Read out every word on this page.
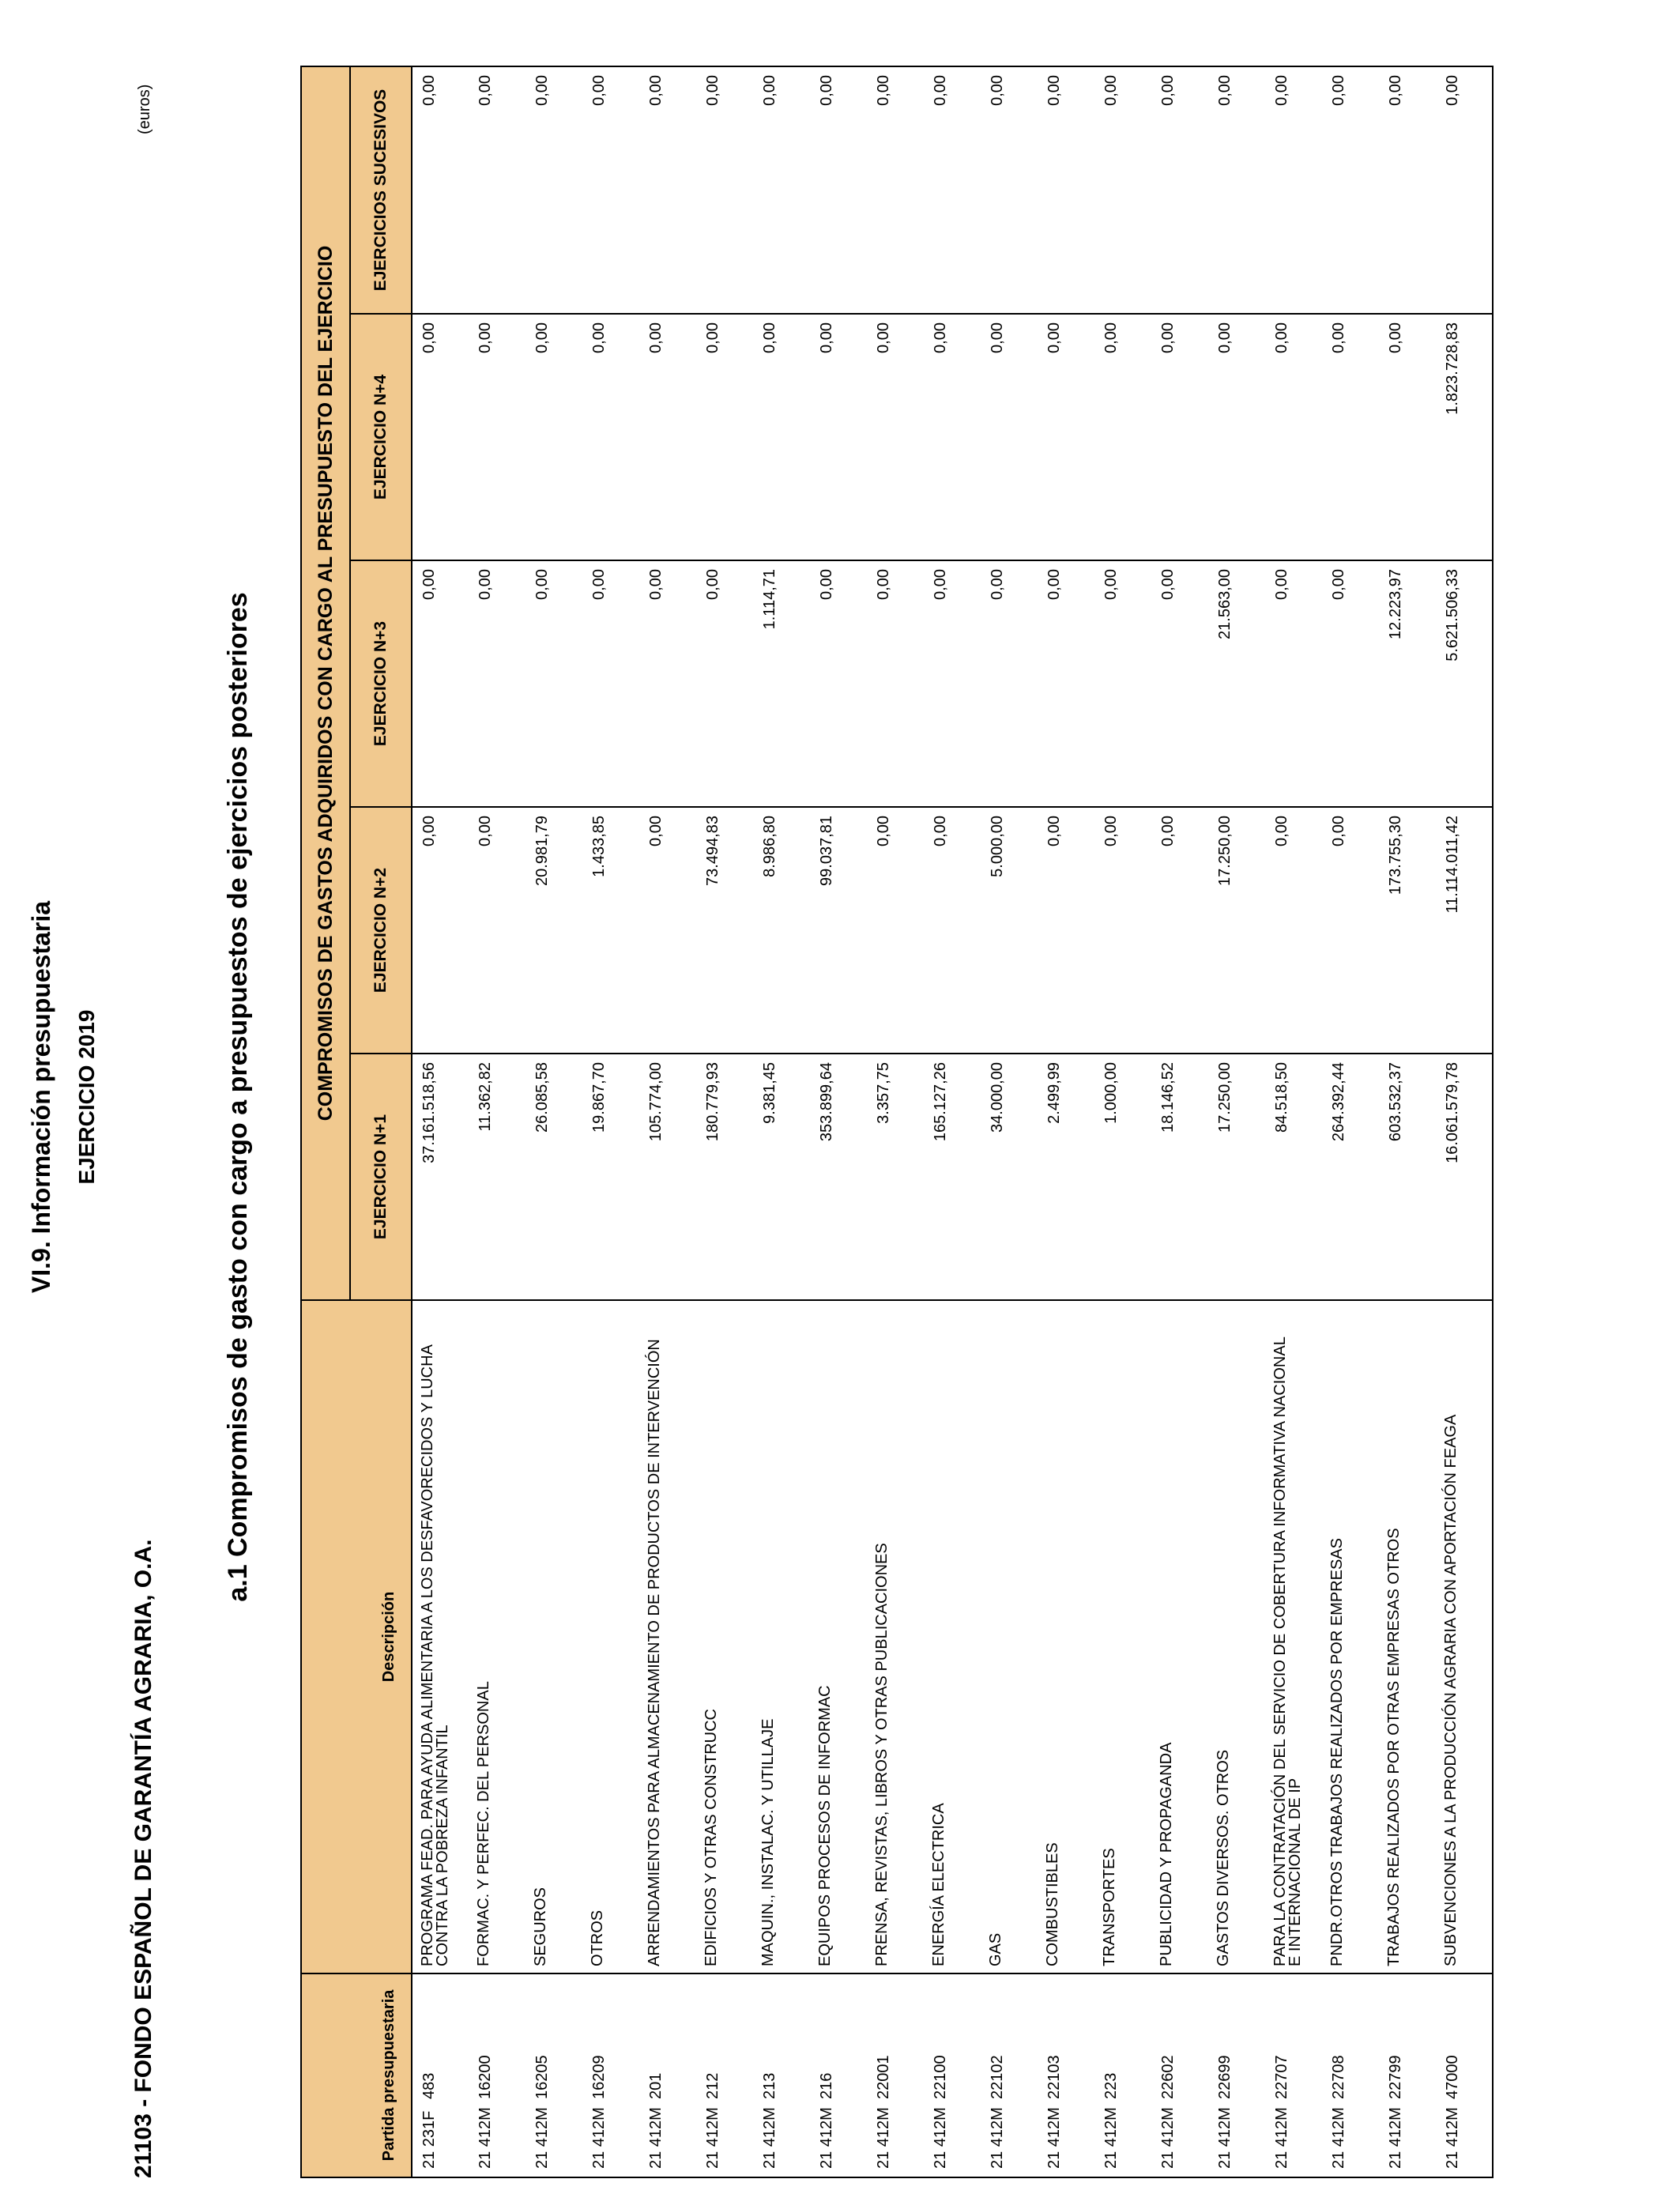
VI.9. Información presupuestaria EJERCICIO 2019
21103 - FONDO ESPAÑOL DE GARANTÍA AGRARIA, O.A.
a.1 Compromisos de gasto con cargo a presupuestos de ejercicios posteriores
(euros)
Partida presupuestaria	Descripción	COMPROMISOS DE GASTOS ADQUIRIDOS CON CARGO AL PRESUPUESTO DEL EJERCICIO				
		EJERCICIO N+1	EJERCICIO N+2	EJERCICIO N+3	EJERCICIO N+4	EJERCICIOS SUCESIVOS
21 231F483	PROGRAMA FEAD. PARA AYUDA ALIMENTARIA A LOS DESFAVORECIDOS Y LUCHA CONTRA LA POBREZA INFANTIL	37.161.518,56	0,00	0,00	0,00	0,00
21 412M16200	FORMAC. Y PERFEC. DEL PERSONAL	11.362,82	0,00	0,00	0,00	0,00
21 412M16205	SEGUROS	26.085,58	20.981,79	0,00	0,00	0,00
21 412M16209	OTROS	19.867,70	1.433,85	0,00	0,00	0,00
21 412M201	ARRENDAMIENTOS PARA ALMACENAMIENTO DE PRODUCTOS DE INTERVENCIÓN	105.774,00	0,00	0,00	0,00	0,00
21 412M212	EDIFICIOS Y OTRAS CONSTRUCC	180.779,93	73.494,83	0,00	0,00	0,00
21 412M213	MAQUIN., INSTALAC. Y UTILLAJE	9.381,45	8.986,80	1.114,71	0,00	0,00
21 412M216	EQUIPOS PROCESOS DE INFORMAC	353.899,64	99.037,81	0,00	0,00	0,00
21 412M22001	PRENSA, REVISTAS, LIBROS Y OTRAS PUBLICACIONES	3.357,75	0,00	0,00	0,00	0,00
21 412M22100	ENERGÍA ELECTRICA	165.127,26	0,00	0,00	0,00	0,00
21 412M22102	GAS	34.000,00	5.000,00	0,00	0,00	0,00
21 412M22103	COMBUSTIBLES	2.499,99	0,00	0,00	0,00	0,00
21 412M223	TRANSPORTES	1.000,00	0,00	0,00	0,00	0,00
21 412M22602	PUBLICIDAD Y PROPAGANDA	18.146,52	0,00	0,00	0,00	0,00
21 412M22699	GASTOS DIVERSOS. OTROS	17.250,00	17.250,00	21.563,00	0,00	0,00
21 412M22707	PARA LA CONTRATACIÓN DEL SERVICIO DE COBERTURA INFORMATIVA NACIONAL E INTERNACIONAL DE IP	84.518,50	0,00	0,00	0,00	0,00
21 412M22708	PNDR.OTROS TRABAJOS REALIZADOS POR EMPRESAS	264.392,44	0,00	0,00	0,00	0,00
21 412M22799	TRABAJOS REALIZADOS POR OTRAS EMPRESAS OTROS	603.532,37	173.755,30	12.223,97	0,00	0,00
21 412M47000	SUBVENCIONES A LA PRODUCCIÓN AGRARIA CON APORTACIÓN FEAGA	16.061.579,78	11.114.011,42	5.621.506,33	1.823.728,83	0,00
